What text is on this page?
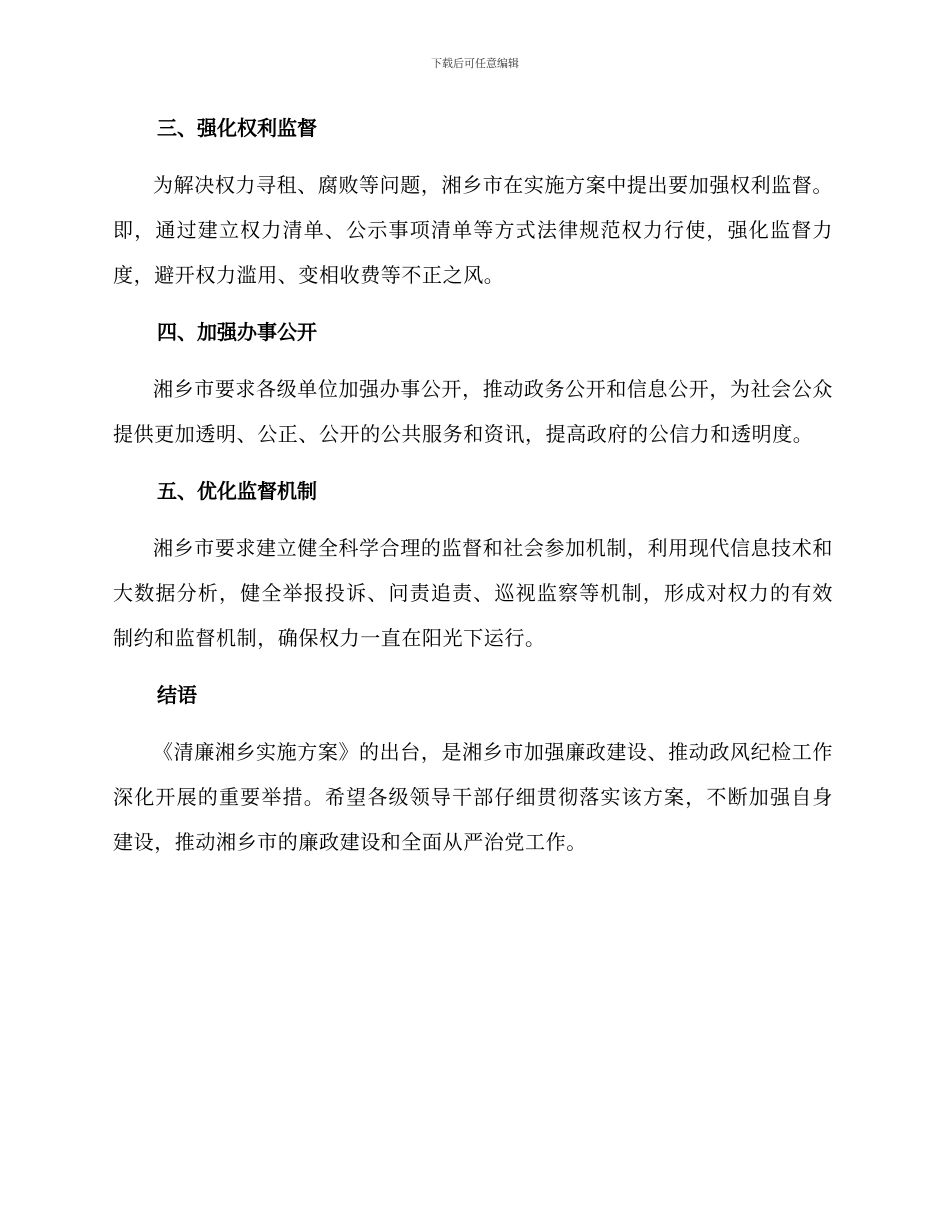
下载后可任意编辑
三、强化权利监督

为解决权力寻租、腐败等问题，湘乡市在实施方案中提出要加强权利监督。即，通过建立权力清单、公示事项清单等方式法律规范权力行使，强化监督力度，避开权力滥用、变相收费等不正之风。

四、加强办事公开

湘乡市要求各级单位加强办事公开，推动政务公开和信息公开，为社会公众提供更加透明、公正、公开的公共服务和资讯，提高政府的公信力和透明度。

五、优化监督机制

湘乡市要求建立健全科学合理的监督和社会参加机制，利用现代信息技术和大数据分析，健全举报投诉、问责追责、巡视监察等机制，形成对权力的有效制约和监督机制，确保权力一直在阳光下运行。

结语

《清廉湘乡实施方案》的出台，是湘乡市加强廉政建设、推动政风纪检工作深化开展的重要举措。希望各级领导干部仔细贯彻落实该方案，不断加强自身建设，推动湘乡市的廉政建设和全面从严治党工作。
